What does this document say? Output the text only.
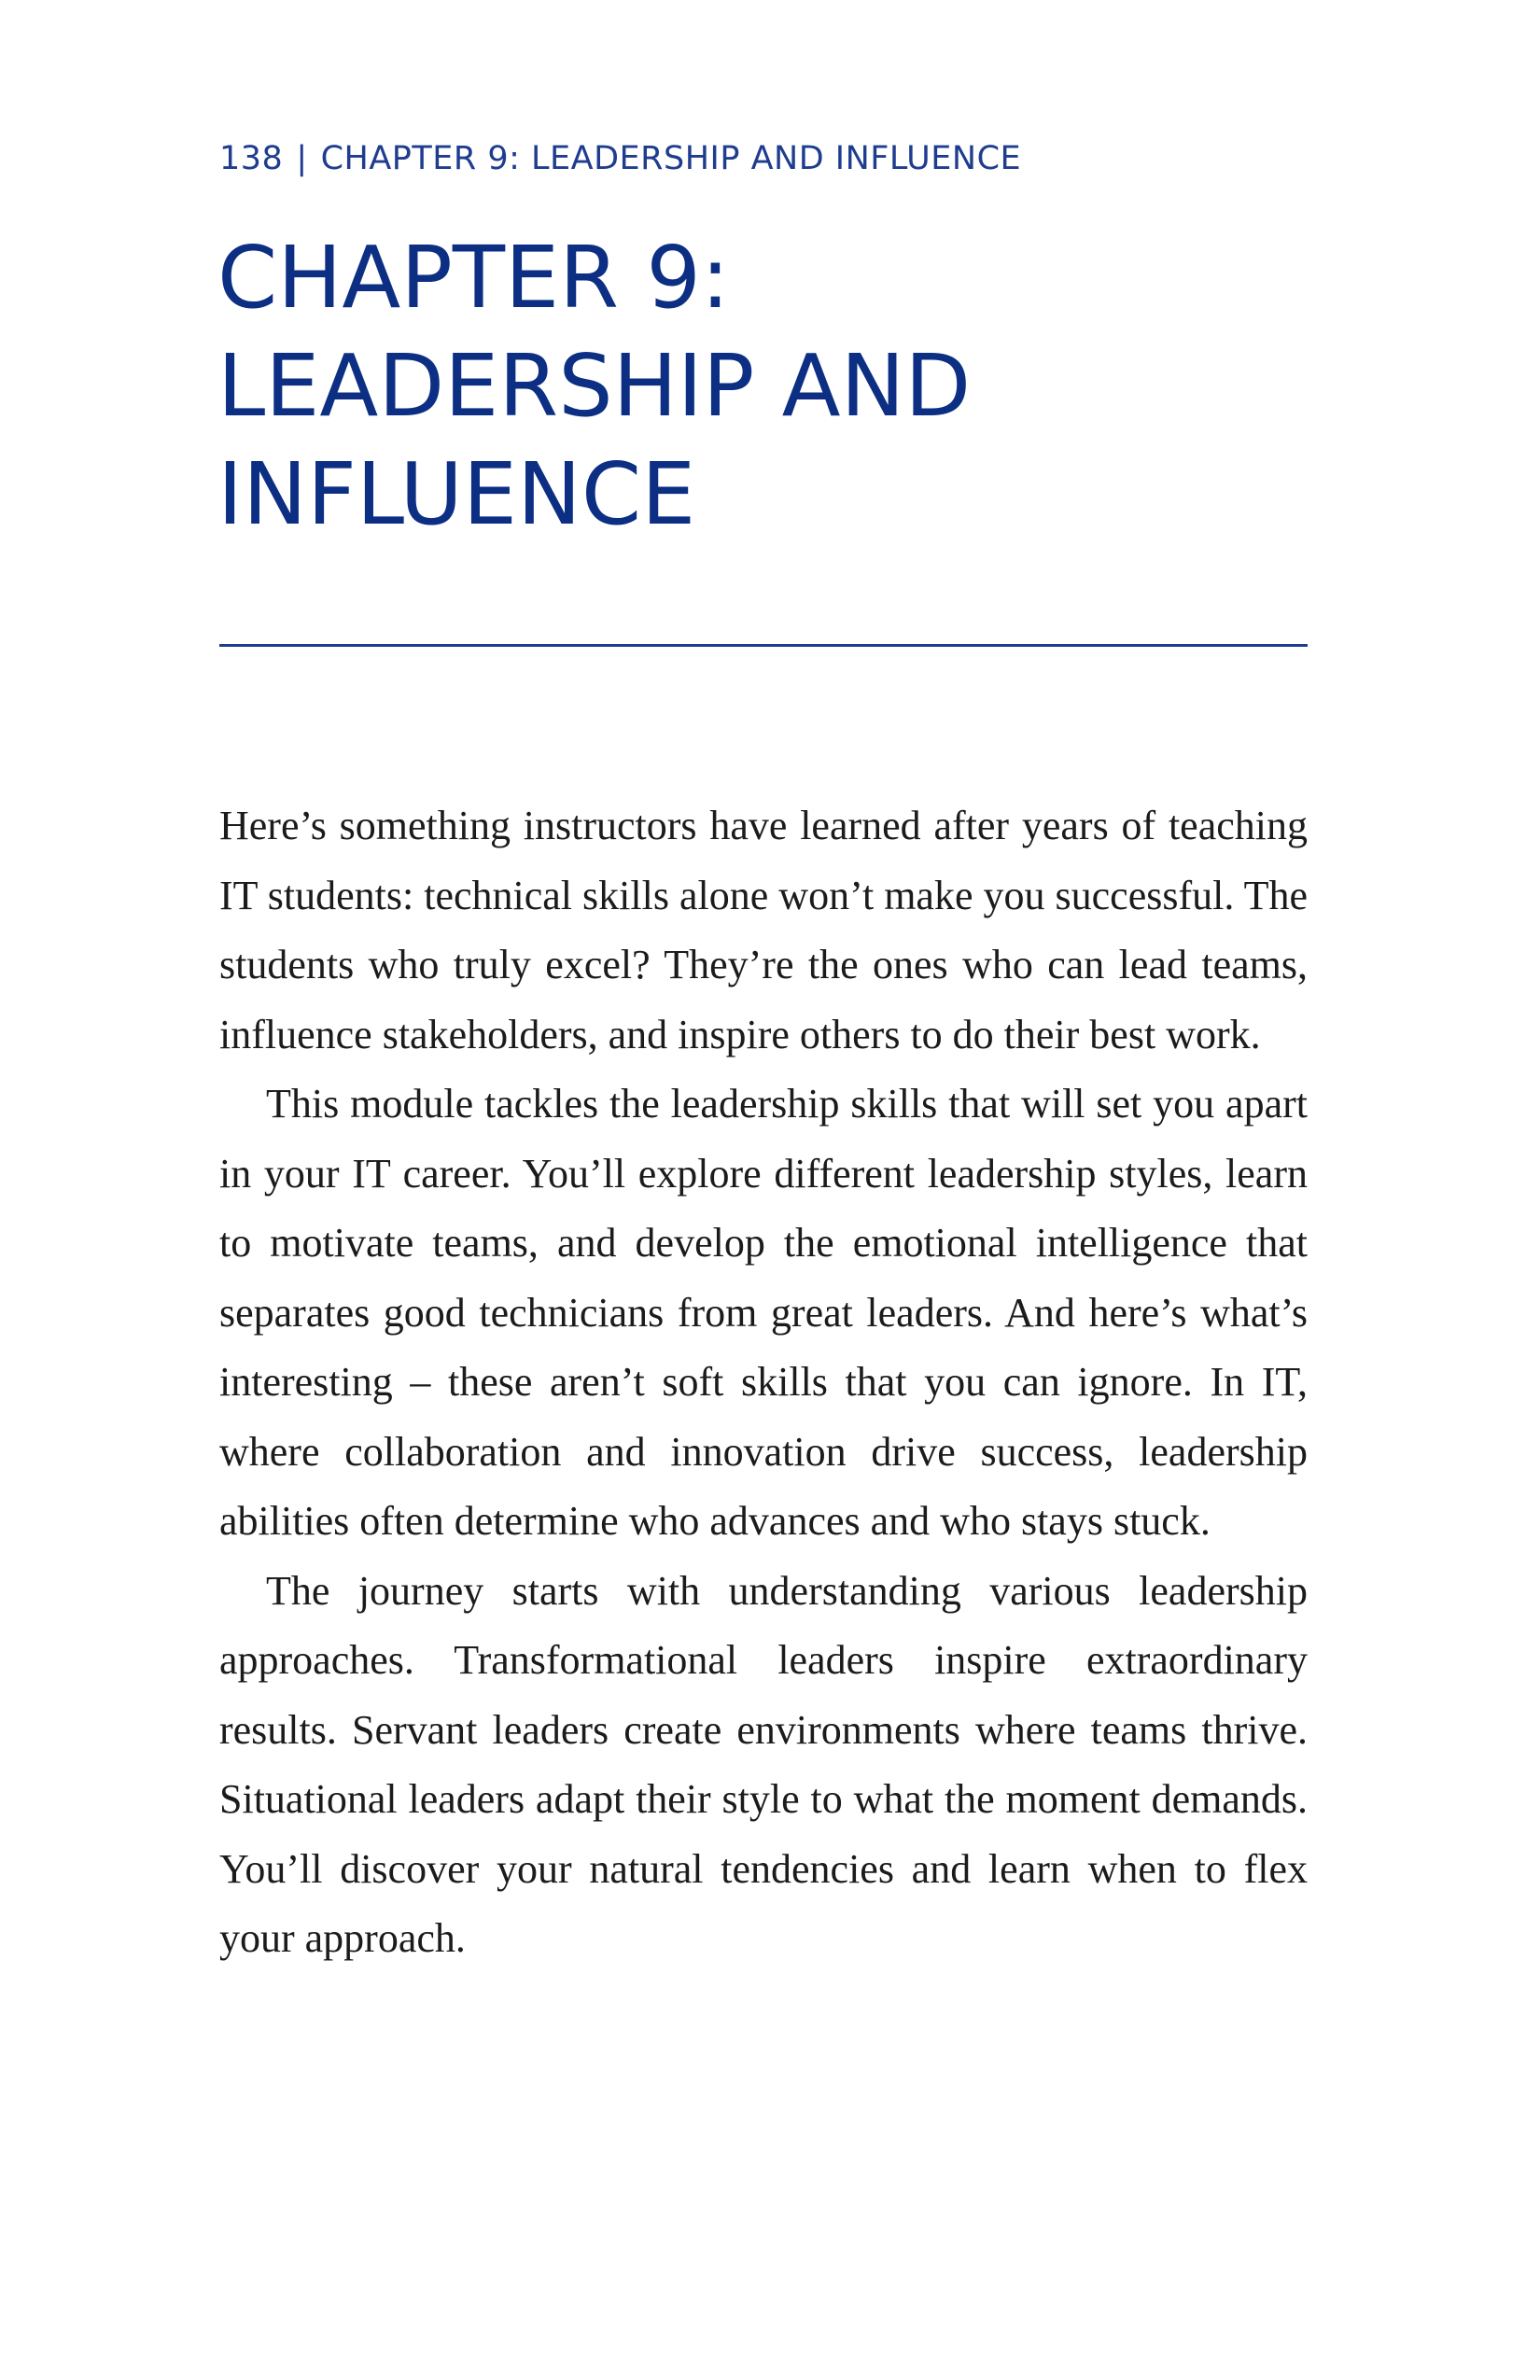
138 | CHAPTER 9: LEADERSHIP AND INFLUENCE
CHAPTER 9:
LEADERSHIP AND
INFLUENCE

Here’s something instructors have learned after years of teaching IT students: technical skills alone won’t make you successful. The students who truly excel? They’re the ones who can lead teams, influence stakeholders, and inspire others to do their best work.

This module tackles the leadership skills that will set you apart in your IT career. You’ll explore different leadership styles, learn to motivate teams, and develop the emotional intelligence that separates good technicians from great leaders. And here’s what’s interesting – these aren’t soft skills that you can ignore. In IT, where collaboration and innovation drive success, leadership abilities often determine who advances and who stays stuck.

The journey starts with understanding various leadership approaches. Transformational leaders inspire extraordinary results. Servant leaders create environments where teams thrive. Situational leaders adapt their style to what the moment demands. You’ll discover your natural tendencies and learn when to flex your approach.
